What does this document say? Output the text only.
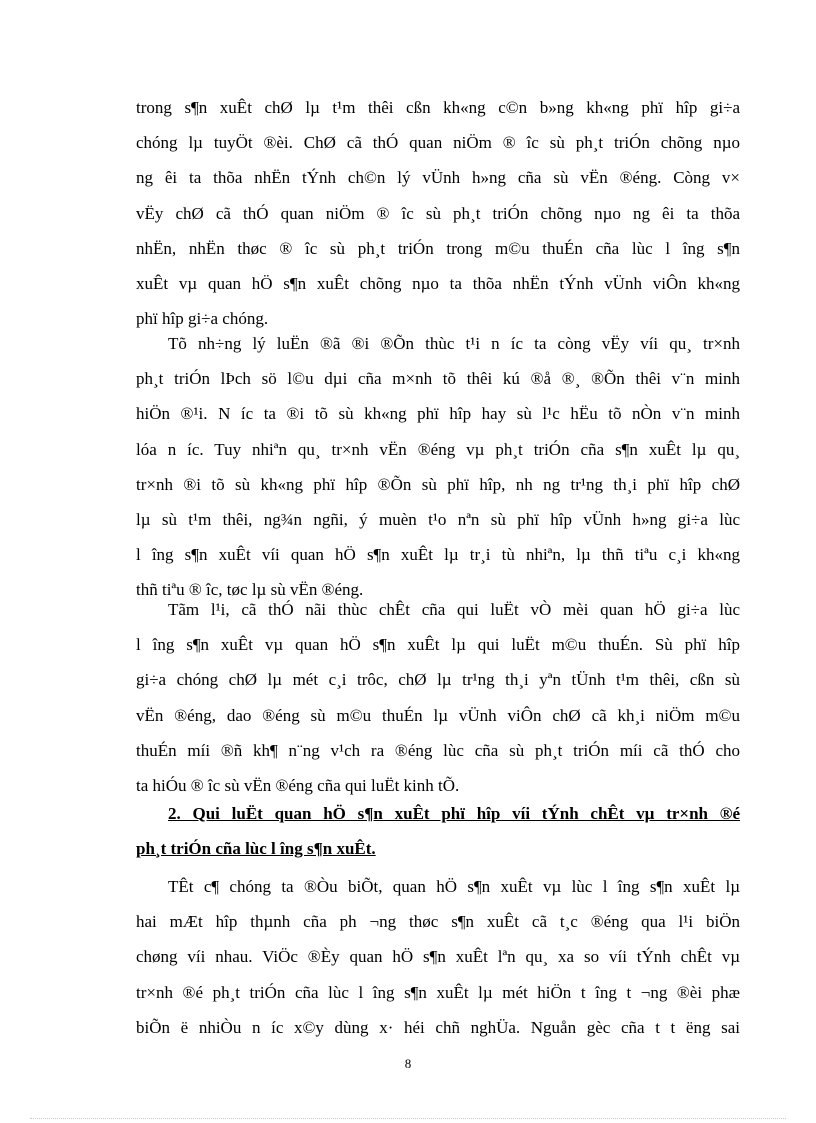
trong s¶n xuÊt chØ lµ t¹m thêi cßn kh«ng c©n b»ng kh«ng phï hîp gi÷a
chóng lµ tuyÖt ®èi. ChØ cã thÓ quan niÖm ® îc sù ph¸t triÓn chõng nµo
ng êi ta thõa nhËn tÝnh ch©n lý vÜnh h»ng cña sù vËn ®éng. Còng v×
vËy chØ cã thÓ quan niÖm ® îc sù ph¸t triÓn chõng nµo ng êi ta thõa
nhËn, nhËn thøc ® îc sù ph¸t triÓn trong m©u thuÉn cña lùc l îng s¶n
xuÊt vµ quan hÖ s¶n xuÊt chõng nµo ta thõa nhËn tÝnh vÜnh viÔn kh«ng
phï hîp gi÷a chóng.
Tõ nh÷ng lý luËn ®ã ®i ®Õn thùc t¹i n íc ta còng vËy víi qu¸ tr×nh
ph¸t triÓn lÞch sö l©u dµi cña m×nh tõ thêi kú ®å ®¸ ®Õn thêi v¨n minh
hiÖn ®¹i. N íc ta ®i tõ sù kh«ng phï hîp hay sù l¹c hËu tõ nÒn v¨n minh
lóa n íc. Tuy nhiªn qu¸ tr×nh vËn ®éng vµ ph¸t triÓn cña s¶n xuÊt lµ qu¸
tr×nh ®i tõ sù kh«ng phï hîp ®Õn sù phï hîp, nh ng tr¹ng th¸i phï hîp chØ
lµ sù t¹m thêi, ng¾n ngñi, ý muèn t¹o nªn sù phï hîp vÜnh h»ng gi÷a lùc
l îng s¶n xuÊt víi quan hÖ s¶n xuÊt lµ tr¸i tù nhiªn, lµ thñ tiªu c¸i kh«ng
thñ tiªu ® îc, tøc lµ sù vËn ®éng.
Tãm l¹i, cã thÓ nãi thùc chÊt cña qui luËt vÒ mèi quan hÖ gi÷a lùc
l îng s¶n xuÊt vµ quan hÖ s¶n xuÊt lµ qui luËt m©u thuÉn. Sù phï hîp
gi÷a chóng chØ lµ mét c¸i trôc, chØ lµ tr¹ng th¸i yªn tÜnh t¹m thêi, cßn sù
vËn ®éng, dao ®éng sù m©u thuÉn lµ vÜnh viÔn chØ cã kh¸i niÖm m©u
thuÉn míi ®ñ kh¶ n¨ng v¹ch ra ®éng lùc cña sù ph¸t triÓn míi cã thÓ cho
ta hiÓu ® îc sù vËn ®éng cña qui luËt kinh tÕ.
2. Qui luËt quan hÖ s¶n xuÊt phï hîp víi tÝnh chÊt vµ tr×nh ®é
ph¸t triÓn cña lùc l îng s¶n xuÊt.
TÊt c¶ chóng ta ®Òu biÕt, quan hÖ s¶n xuÊt vµ lùc l îng s¶n xuÊt lµ
hai mÆt hîp thµnh cña ph ¬ng thøc s¶n xuÊt cã t¸c ®éng qua l¹i biÖn
chøng víi nhau. ViÖc ®Èy quan hÖ s¶n xuÊt lªn qu¸ xa so víi tÝnh chÊt vµ
tr×nh ®é ph¸t triÓn cña lùc l îng s¶n xuÊt lµ mét hiÖn t îng t ¬ng ®èi phæ
biÕn ë nhiÒu n íc x©y dùng x· héi chñ nghÜa. Nguån gèc cña t t ëng sai
8
